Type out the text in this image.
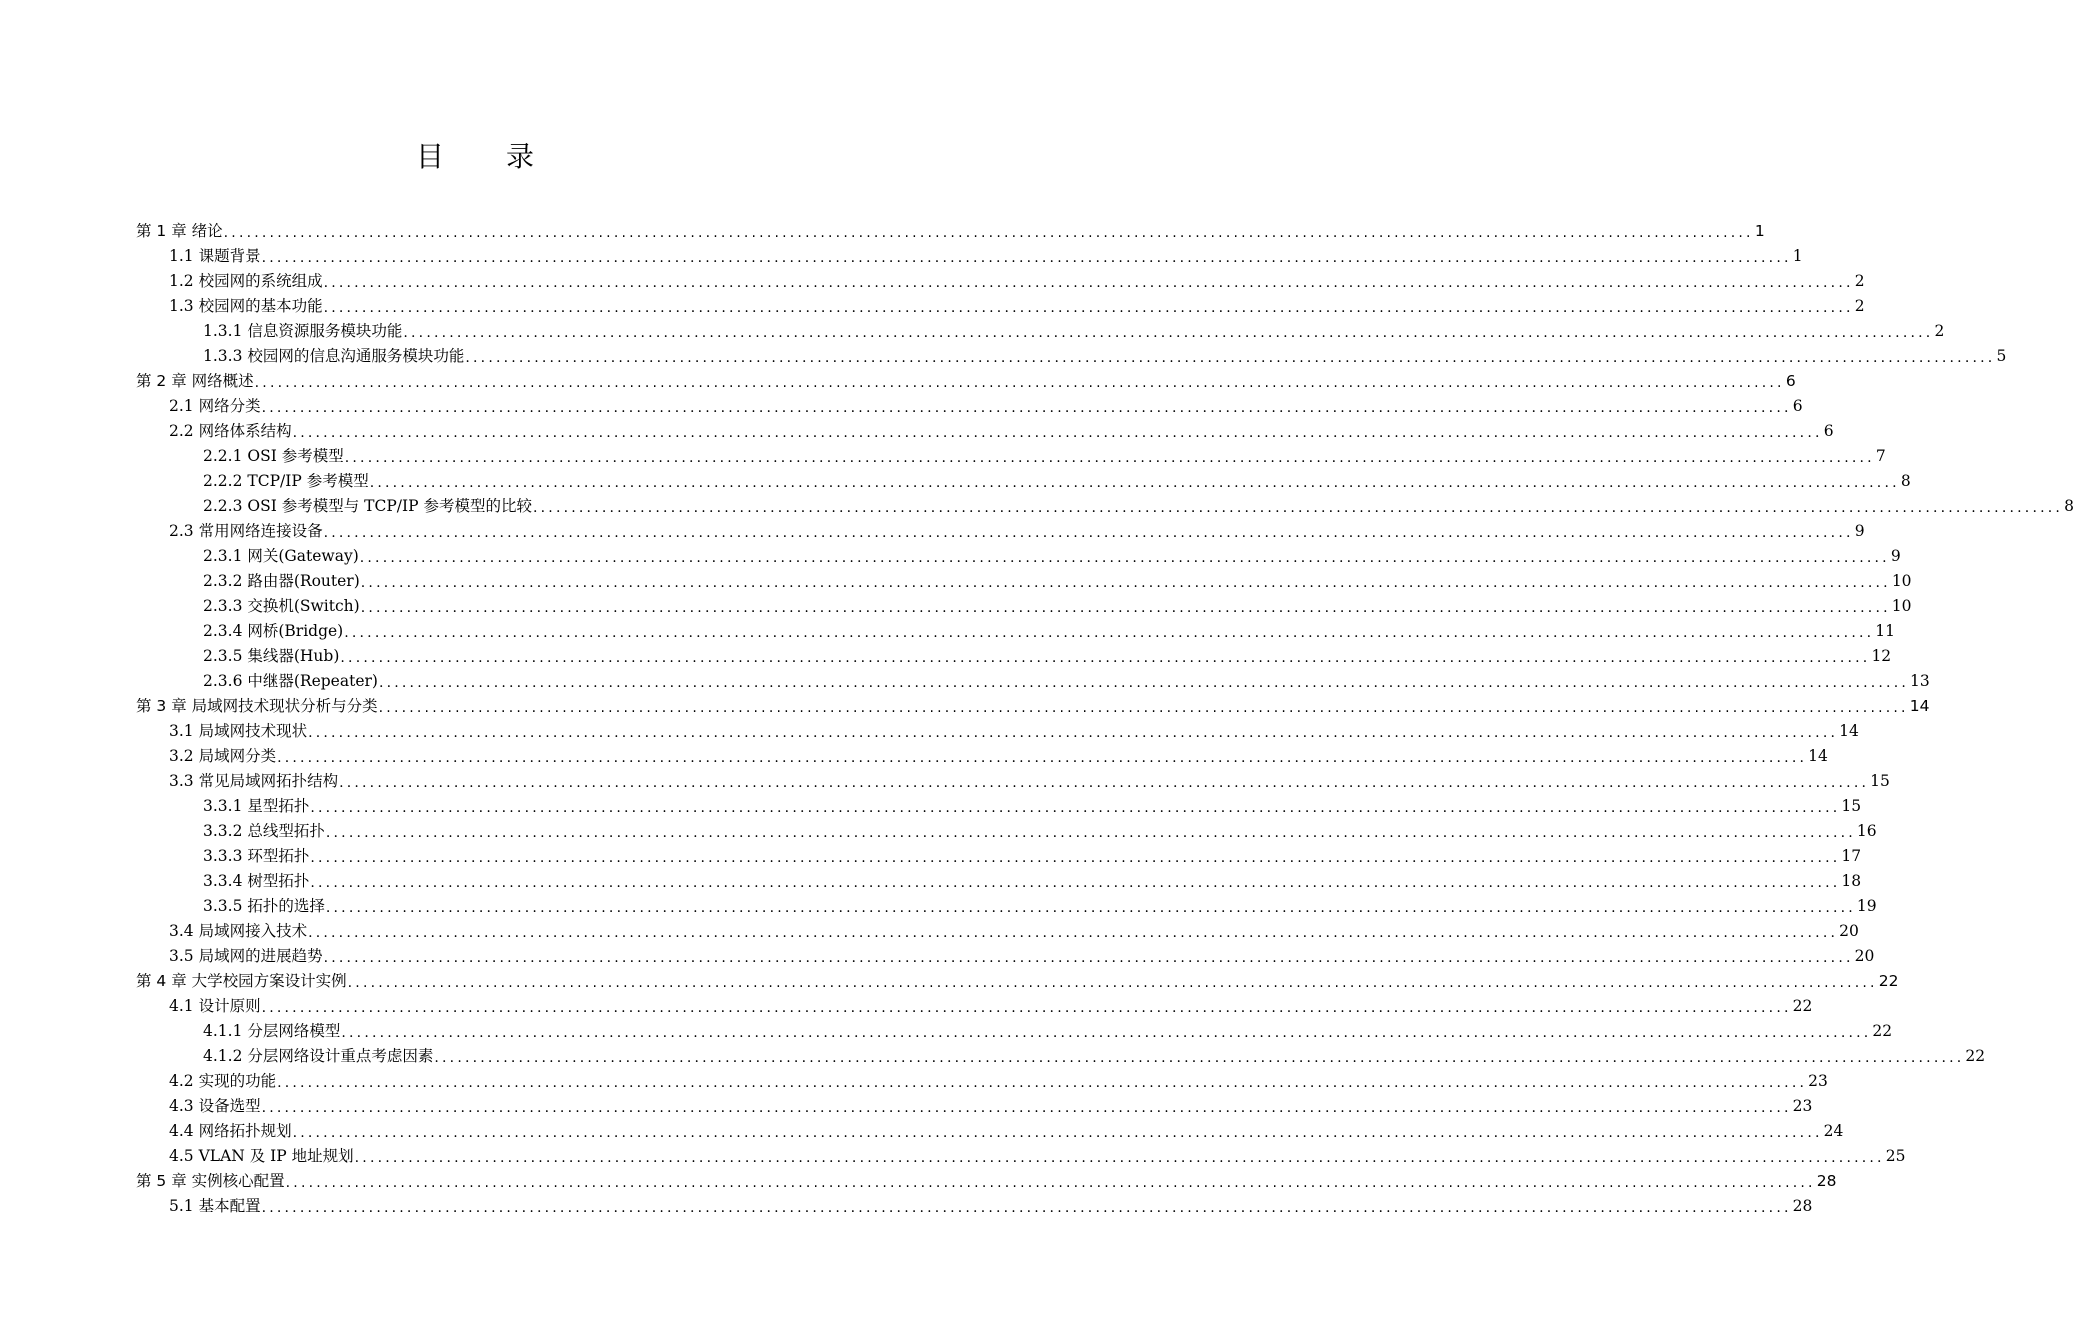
目 录
第 1 章 绪论 ........................................................................................................................................................................................................ 1
1.1 课题背景 ........................................................................................................................................................................................................ 1
1.2 校园网的系统组成 ........................................................................................................................................................................................................ 2
1.3 校园网的基本功能 ........................................................................................................................................................................................................ 2
1.3.1 信息资源服务模块功能 ........................................................................................................................................................................................................ 2
1.3.3 校园网的信息沟通服务模块功能 ........................................................................................................................................................................................................ 5
第 2 章 网络概述 ........................................................................................................................................................................................................ 6
2.1 网络分类 ........................................................................................................................................................................................................ 6
2.2 网络体系结构 ........................................................................................................................................................................................................ 6
2.2.1 OSI 参考模型 ........................................................................................................................................................................................................ 7
2.2.2 TCP/IP 参考模型 ........................................................................................................................................................................................................ 8
2.2.3 OSI 参考模型与 TCP/IP 参考模型的比较 ........................................................................................................................................................................................................ 8
2.3 常用网络连接设备 ........................................................................................................................................................................................................ 9
2.3.1 网关(Gateway) ........................................................................................................................................................................................................ 9
2.3.2 路由器(Router) ........................................................................................................................................................................................................ 10
2.3.3 交换机(Switch) ........................................................................................................................................................................................................ 10
2.3.4 网桥(Bridge) ........................................................................................................................................................................................................ 11
2.3.5 集线器(Hub) ........................................................................................................................................................................................................ 12
2.3.6 中继器(Repeater) ........................................................................................................................................................................................................ 13
第 3 章 局域网技术现状分析与分类 ........................................................................................................................................................................................................ 14
3.1 局域网技术现状 ........................................................................................................................................................................................................ 14
3.2 局域网分类 ........................................................................................................................................................................................................ 14
3.3 常见局域网拓扑结构 ........................................................................................................................................................................................................ 15
3.3.1 星型拓扑 ........................................................................................................................................................................................................ 15
3.3.2 总线型拓扑 ........................................................................................................................................................................................................ 16
3.3.3 环型拓扑 ........................................................................................................................................................................................................ 17
3.3.4 树型拓扑 ........................................................................................................................................................................................................ 18
3.3.5 拓扑的选择 ........................................................................................................................................................................................................ 19
3.4 局域网接入技术 ........................................................................................................................................................................................................ 20
3.5 局域网的进展趋势 ........................................................................................................................................................................................................ 20
第 4 章 大学校园方案设计实例 ........................................................................................................................................................................................................ 22
4.1 设计原则 ........................................................................................................................................................................................................ 22
4.1.1 分层网络模型 ........................................................................................................................................................................................................ 22
4.1.2 分层网络设计重点考虑因素 ........................................................................................................................................................................................................ 22
4.2 实现的功能 ........................................................................................................................................................................................................ 23
4.3 设备选型 ........................................................................................................................................................................................................ 23
4.4 网络拓扑规划 ........................................................................................................................................................................................................ 24
4.5 VLAN 及 IP 地址规划 ........................................................................................................................................................................................................ 25
第 5 章 实例核心配置 ........................................................................................................................................................................................................ 28
5.1 基本配置 ........................................................................................................................................................................................................ 28
